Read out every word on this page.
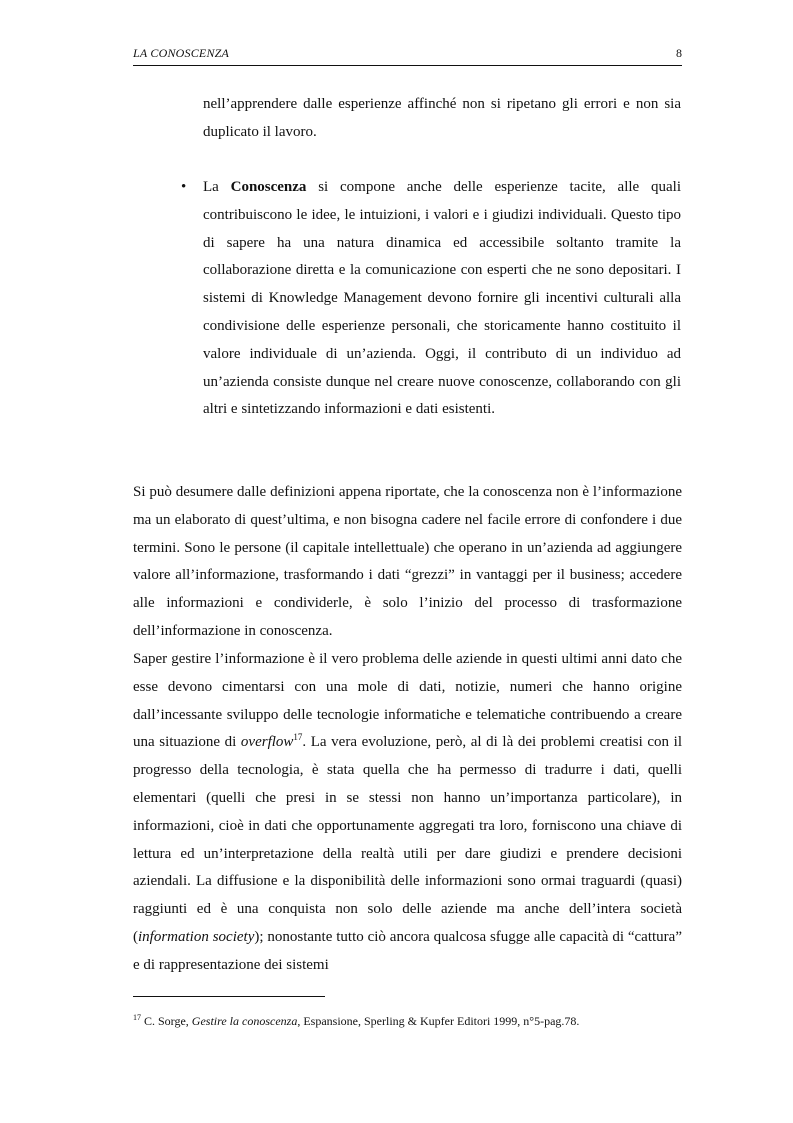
LA CONOSCENZA	8

nell’apprendere dalle esperienze affinché non si ripetano gli errori e non sia duplicato il lavoro.

• La Conoscenza si compone anche delle esperienze tacite, alle quali contribuiscono le idee, le intuizioni, i valori e i giudizi individuali. Questo tipo di sapere ha una natura dinamica ed accessibile soltanto tramite la collaborazione diretta e la comunicazione con esperti che ne sono depositari. I sistemi di Knowledge Management devono fornire gli incentivi culturali alla condivisione delle esperienze personali, che storicamente hanno costituito il valore individuale di un’azienda. Oggi, il contributo di un individuo ad un’azienda consiste dunque nel creare nuove conoscenze, collaborando con gli altri e sintetizzando informazioni e dati esistenti.

Si può desumere dalle definizioni appena riportate, che la conoscenza non è l’informazione ma un elaborato di quest’ultima, e non bisogna cadere nel facile errore di confondere i due termini. Sono le persone (il capitale intellettuale) che operano in un’azienda ad aggiungere valore all’informazione, trasformando i dati “grezzi” in vantaggi per il business; accedere alle informazioni e condividerle, è solo l’inizio del processo di trasformazione dell’informazione in conoscenza.

Saper gestire l’informazione è il vero problema delle aziende in questi ultimi anni dato che esse devono cimentarsi con una mole di dati, notizie, numeri che hanno origine dall’incessante sviluppo delle tecnologie informatiche e telematiche contribuendo a creare una situazione di overflow$^{17}$. La vera evoluzione, però, al di là dei problemi creatisi con il progresso della tecnologia, è stata quella che ha permesso di tradurre i dati, quelli elementari (quelli che presi in se stessi non hanno un’importanza particolare), in informazioni, cioè in dati che opportunamente aggregati tra loro, forniscono una chiave di lettura ed un’interpretazione della realtà utili per dare giudizi e prendere decisioni aziendali. La diffusione e la disponibilità delle informazioni sono ormai traguardi (quasi) raggiunti ed è una conquista non solo delle aziende ma anche dell’intera società (information society); nonostante tutto ciò ancora qualcosa sfugge alle capacità di “cattura” e di rappresentazione dei sistemi

$^{17}$ C. Sorge, Gestire la conoscenza, Espansione, Sperling & Kupfer Editori 1999, n°5-pag.78.
